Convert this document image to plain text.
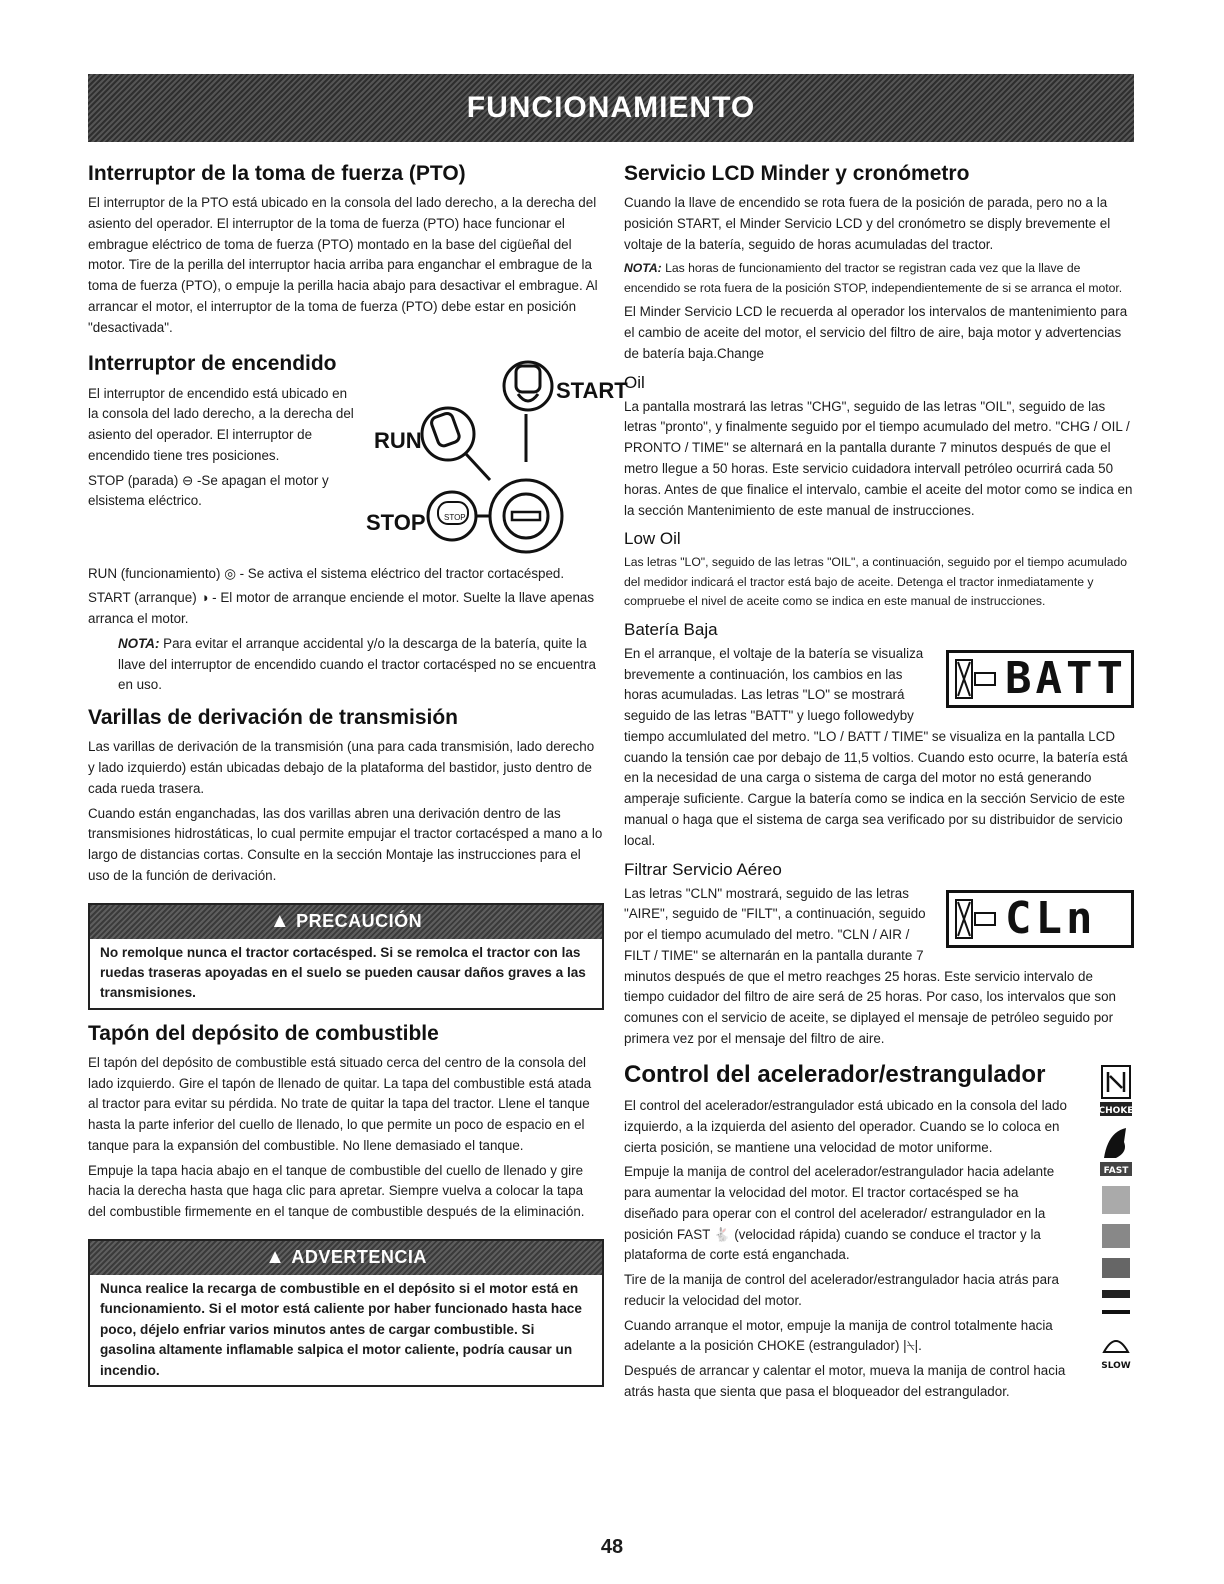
FUNCIONAMIENTO
Interruptor de la toma de fuerza (PTO)

El interruptor de la PTO está ubicado en la consola del lado derecho, a la derecha del asiento del operador. El interruptor de la toma de fuerza (PTO) hace funcionar el embrague eléctrico de toma de fuerza (PTO) montado en la base del cigüeñal del motor. Tire de la perilla del interruptor hacia arriba para enganchar el embrague de la toma de fuerza (PTO), o empuje la perilla hacia abajo para desactivar el embrague. Al arrancar el motor, el interruptor de la toma de fuerza (PTO) debe estar en posición "desactivada".

Interruptor de encendido

El interruptor de encendido está ubicado en la consola del lado derecho, a la derecha del asiento del operador. El interruptor de encendido tiene tres posiciones.

STOP (parada) ⊖ -Se apagan el motor y elsistema eléctrico.

START
RUN
STOP
STOP

RUN (funcionamiento) ◎ - Se activa el sistema eléctrico del tractor cortacésped.

START (arranque) ◑ - El motor de arranque enciende el motor. Suelte la llave apenas arranca el motor.

NOTA: Para evitar el arranque accidental y/o la descarga de la batería, quite la llave del interruptor de encendido cuando el tractor cortacésped no se encuentra en uso.

Varillas de derivación de transmisión

Las varillas de derivación de la transmisión (una para cada transmisión, lado derecho y lado izquierdo) están ubicadas debajo de la plataforma del bastidor, justo dentro de cada rueda trasera.

Cuando están enganchadas, las dos varillas abren una derivación dentro de las transmisiones hidrostáticas, lo cual permite empujar el tractor cortacésped a mano a lo largo de distancias cortas. Consulte en la sección Montaje las instrucciones para el uso de la función de derivación.

▲ PRECAUCIÓN

No remolque nunca el tractor cortacésped. Si se remolca el tractor con las ruedas traseras apoyadas en el suelo se pueden causar daños graves a las transmisiones.

Tapón del depósito de combustible

El tapón del depósito de combustible está situado cerca del centro de la consola del lado izquierdo. Gire el tapón de llenado de quitar. La tapa del combustible está atada al tractor para evitar su pérdida. No trate de quitar la tapa del tractor. Llene el tanque hasta la parte inferior del cuello de llenado, lo que permite un poco de espacio en el tanque para la expansión del combustible. No llene demasiado el tanque.

Empuje la tapa hacia abajo en el tanque de combustible del cuello de llenado y gire hacia la derecha hasta que haga clic para apretar. Siempre vuelva a colocar la tapa del combustible firmemente en el tanque de combustible después de la eliminación.

▲ ADVERTENCIA

Nunca realice la recarga de combustible en el depósito si el motor está en funcionamiento. Si el motor está caliente por haber funcionado hasta hace poco, déjelo enfriar varios minutos antes de cargar combustible. Si gasolina altamente inflamable salpica el motor caliente, podría causar un incendio.

Servicio LCD Minder y cronómetro

Cuando la llave de encendido se rota fuera de la posición de parada, pero no a la posición START, el Minder Servicio LCD y del cronómetro se disply brevemente el voltaje de la batería, seguido de horas acumuladas del tractor.

NOTA: Las horas de funcionamiento del tractor se registran cada vez que la llave de encendido se rota fuera de la posición STOP, independientemente de si se arranca el motor.

El Minder Servicio LCD le recuerda al operador los intervalos de mantenimiento para el cambio de aceite del motor, el servicio del filtro de aire, baja motor y advertencias de batería baja.Change

Oil

La pantalla mostrará las letras "CHG", seguido de las letras "OIL", seguido de las letras "pronto", y finalmente seguido por el tiempo acumulado del metro. "CHG / OIL / PRONTO / TIME" se alternará en la pantalla durante 7 minutos después de que el metro llegue a 50 horas. Este servicio cuidadora intervall petróleo ocurrirá cada 50 horas. Antes de que finalice el intervalo, cambie el aceite del motor como se indica en la sección Mantenimiento de este manual de instrucciones.

Low Oil

Las letras "LO", seguido de las letras "OIL", a continuación, seguido por el tiempo acumulado del medidor indicará el tractor está bajo de aceite. Detenga el tractor inmediatamente y compruebe el nivel de aceite como se indica en este manual de instrucciones.

Batería Baja
BATT

En el arranque, el voltaje de la batería se visualiza brevemente a continuación, los cambios en las horas acumuladas. Las letras "LO" se mostrará seguido de las letras "BATT" y luego followedyby tiempo accumlulated del metro. "LO / BATT / TIME" se visualiza en la pantalla LCD cuando la tensión cae por debajo de 11,5 voltios. Cuando esto ocurre, la batería está en la necesidad de una carga o sistema de carga del motor no está generando amperaje suficiente. Cargue la batería como se indica en la sección Servicio de este manual o haga que el sistema de carga sea verificado por su distribuidor de servicio local.

Filtrar Servicio Aéreo
CLn

Las letras "CLN" mostrará, seguido de las letras "AIRE", seguido de "FILT", a continuación, seguido por el tiempo acumulado del metro. "CLN / AIR / FILT / TIME" se alternarán en la pantalla durante 7 minutos después de que el metro reachges 25 horas. Este servicio intervalo de tiempo cuidador del filtro de aire será de 25 horas. Por caso, los intervalos que son comunes con el servicio de aceite, se diplayed el mensaje de petróleo seguido por primera vez por el mensaje del filtro de aire.

Control del acelerador/estrangulador

El control del acelerador/estrangulador está ubicado en la consola del lado izquierdo, a la izquierda del asiento del operador. Cuando se lo coloca en cierta posición, se mantiene una velocidad de motor uniforme.

Empuje la manija de control del acelerador/estrangulador hacia adelante para aumentar la velocidad del motor. El tractor cortacésped se ha diseñado para operar con el control del acelerador/ estrangulador en la posición FAST 🐇 (velocidad rápida) cuando se conduce el tractor y la plataforma de corte está enganchada.

Tire de la manija de control del acelerador/estrangulador hacia atrás para reducir la velocidad del motor.

Cuando arranque el motor, empuje la manija de control totalmente hacia adelante a la posición CHOKE (estrangulador) |⍀|.

Después de arrancar y calentar el motor, mueva la manija de control hacia atrás hasta que sienta que pasa el bloqueador del estrangulador.

CHOKE
FAST
SLOW
48
